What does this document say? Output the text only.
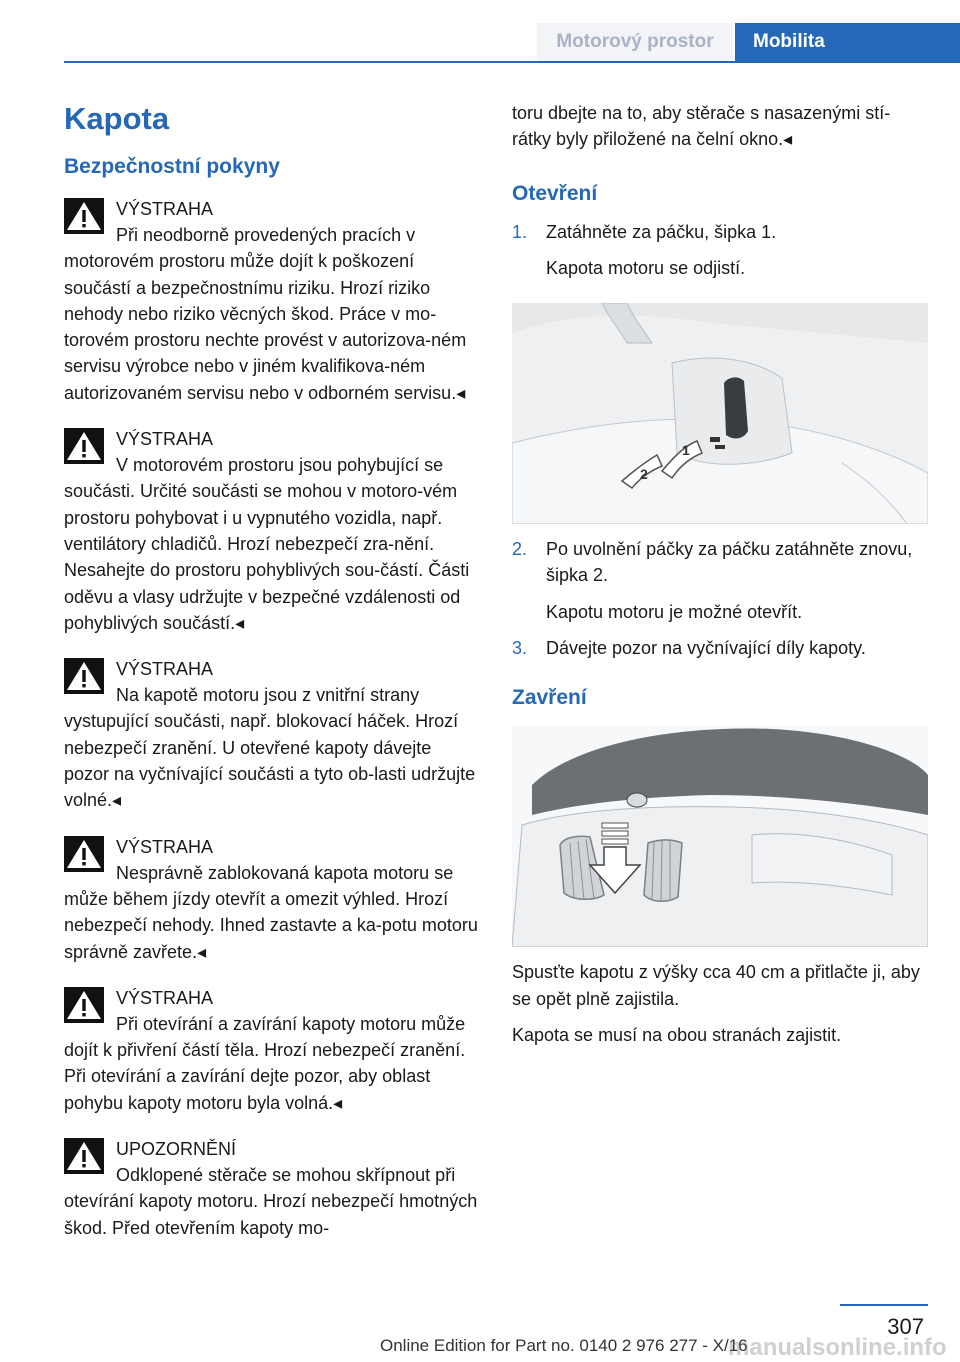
Motorový prostor	Mobilita
Kapota
Bezpečnostní pokyny
VÝSTRAHA

Při neodborně provedených pracích v motorovém prostoru může dojít k poškození součástí a bezpečnostnímu riziku. Hrozí riziko nehody nebo riziko věcných škod. Práce v mo-torovém prostoru nechte provést v autorizova-ném servisu výrobce nebo v jiném kvalifikova-ném autorizovaném servisu nebo v odborném servisu.◂

VÝSTRAHA

V motorovém prostoru jsou pohybující se součásti. Určité součásti se mohou v motoro-vém prostoru pohybovat i u vypnutého vozidla, např. ventilátory chladičů. Hrozí nebezpečí zra-nění. Nesahejte do prostoru pohyblivých sou-částí. Části oděvu a vlasy udržujte v bezpečné vzdálenosti od pohyblivých součástí.◂

VÝSTRAHA

Na kapotě motoru jsou z vnitřní strany vystupující součásti, např. blokovací háček. Hrozí nebezpečí zranění. U otevřené kapoty dávejte pozor na vyčnívající součásti a tyto ob-lasti udržujte volné.◂

VÝSTRAHA

Nesprávně zablokovaná kapota motoru se může během jízdy otevřít a omezit výhled. Hrozí nebezpečí nehody. Ihned zastavte a ka-potu motoru správně zavřete.◂

VÝSTRAHA

Při otevírání a zavírání kapoty motoru může dojít k přivření částí těla. Hrozí nebezpečí zranění. Při otevírání a zavírání dejte pozor, aby oblast pohybu kapoty motoru byla volná.◂

UPOZORNĚNÍ

Odklopené stěrače se mohou skřípnout při otevírání kapoty motoru. Hrozí nebezpečí hmotných škod. Před otevřením kapoty mo-

toru dbejte na to, aby stěrače s nasazenými stí-rátky byly přiložené na čelní okno.◂

Otevření
1. Zatáhněte za páčku, šipka 1.
Kapota motoru se odjistí.
1
2
2. Po uvolnění páčky za páčku zatáhněte znovu, šipka 2.
Kapotu motoru je možné otevřít.
3. Dávejte pozor na vyčnívající díly kapoty.
Zavření

Spusťte kapotu z výšky cca 40 cm a přitlačte ji, aby se opět plně zajistila.

Kapota se musí na obou stranách zajistit.

307
Online Edition for Part no. 0140 2 976 277 - X/16
manualsonline.info
